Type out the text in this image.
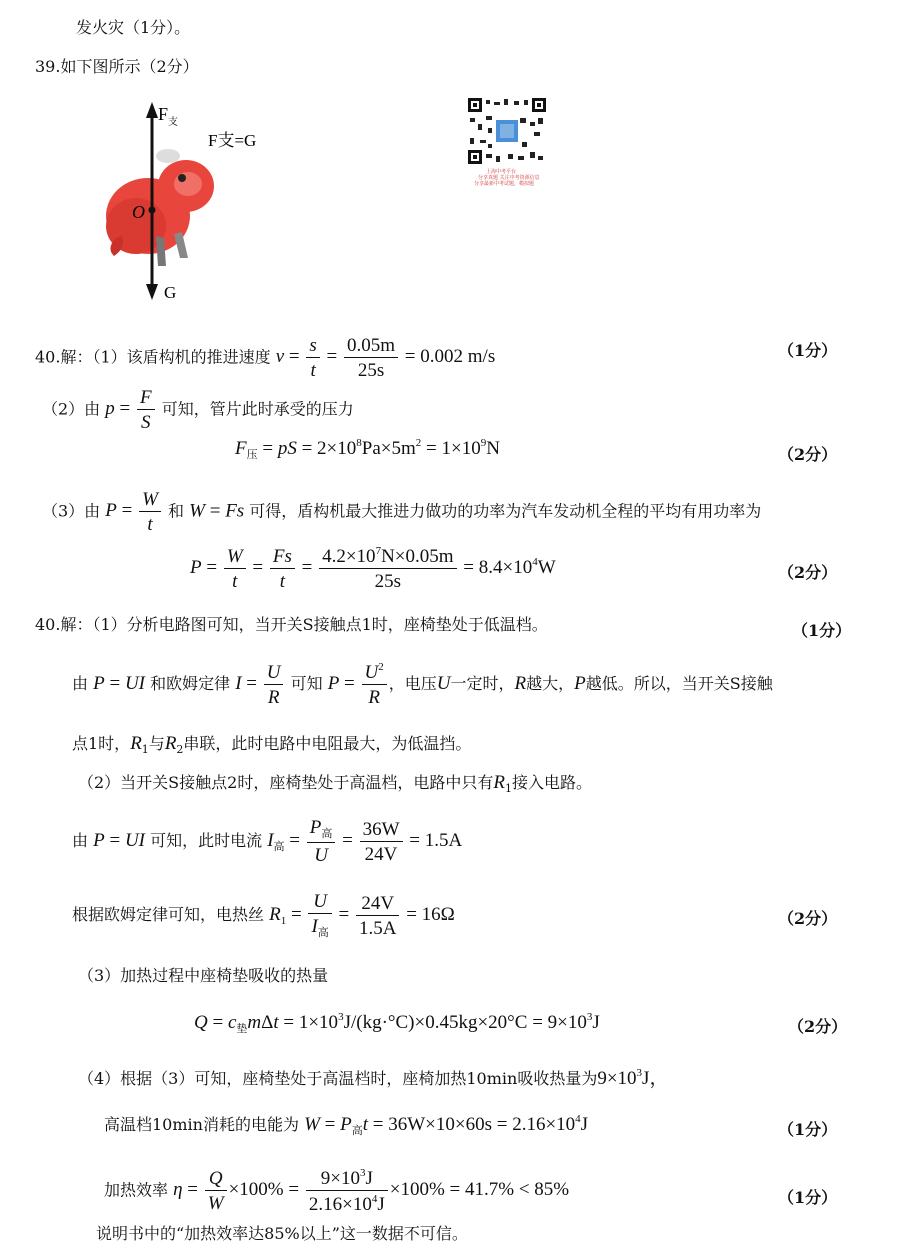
发火灾（1分）。
39.如下图所示（2分）
F 支
F支=G
O
G
上海中考平台
分享真题 关注中考资源信息
分享最新中考试题，模拟题
40.解：（1）该盾构机的推进速度 $v = \frac{s}{t} = \frac{0.05m}{25s} = 0.002$ m/s	（1分）
（2）由 $p = \frac{F}{S}$ 可知，管片此时承受的压力
$F_压$ = pS = $2\times 10^8Pa\times 5m^2 = 1\times 10^9N$	（2分）
（3）由 $P = \frac{W}{t}$ 和 W = Fs 可得，盾构机最大推进力做功的功率为汽车发动机全程的平均有用功率为
$P = \frac{W}{t} = \frac{Fs}{t} = \frac{4.2\times 10^7N\times 0.05m}{25s} = 8.4\times 10^4W$	（2分）
40.解：（1）分析电路图可知，当开关S接触点1时，座椅垫处于低温档。	（1分）
由 P = UI 和欧姆定律 $I = \frac{U}{R}$ 可知 $P = \frac{U^2}{R}$ ，电压U一定时，R越大，P越低。所以，当开关S接触
点1时，$R_1$与$R_2$串联，此时电路中电阻最大，为低温挡。
（2）当开关S接触点2时，座椅垫处于高温档，电路中只有$R_1$接入电路。
由 P = UI 可知，此时电流 $I_高 = \frac{P_高}{U} = \frac{36W}{24V} = 1.5A$
根据欧姆定律可知，电热丝 $R_1 = \frac{U}{I_高} = \frac{24V}{1.5A} = 16\Omega$	（2分）
（3）加热过程中座椅垫吸收的热量
$Q = c_垫m\Delta t = 1\times 10^3J/(kg\cdot^\circ C)\times 0.45kg\times 20^\circ C = 9\times 10^3J$	（2分）
（4）根据（3）可知，座椅垫处于高温档时，座椅加热10min吸收热量为$9\times 10^3J$，
高温档10min消耗的电能为 $W = P_高t = 36W\times 10\times 60s = 2.16\times 10^4J$	（1分）
加热效率 $\eta = \frac{Q}{W} \times 100\% = \frac{9\times 10^3J}{2.16\times 10^4J} \times 100\% = 41.7\% < 85\%$	（1分）
说明书中的“加热效率达85%以上”这一数据不可信。
